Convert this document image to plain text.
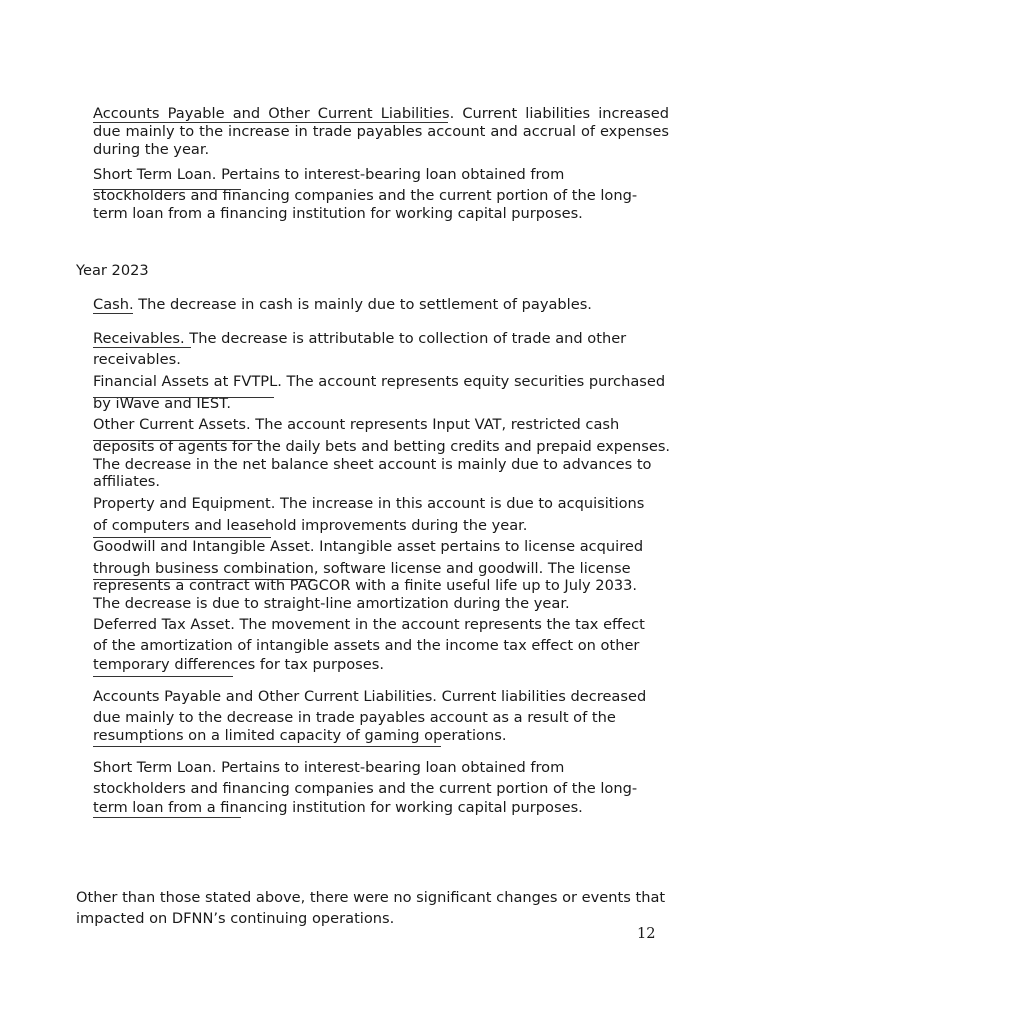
Accounts Payable and Other Current Liabilities. Current liabilities increased due mainly to the increase in trade payables account and accrual of expenses during the year.
Short Term Loan. Pertains to interest-bearing loan obtained from
stockholders and financing companies and the current portion of the long-
term loan from a financing institution for working capital purposes.
Year 2023
Cash. The decrease in cash is mainly due to settlement of payables.
Receivables. The decrease is attributable to collection of trade and other
receivables.
Financial Assets at FVTPL. The account represents equity securities purchased
by iWave and IEST.
Other Current Assets. The account represents Input VAT, restricted cash
deposits of agents for the daily bets and betting credits and prepaid expenses.
The decrease in the net balance sheet account is mainly due to advances to
affiliates.
Property and Equipment. The increase in this account is due to acquisitions
of computers and leasehold improvements during the year.
Goodwill and Intangible Asset. Intangible asset pertains to license acquired
through business combination, software license and goodwill. The license
represents a contract with PAGCOR with a finite useful life up to July 2033.
The decrease is due to straight-line amortization during the year.
Deferred Tax Asset. The movement in the account represents the tax effect
of the amortization of intangible assets and the income tax effect on other
temporary differences for tax purposes.
Accounts Payable and Other Current Liabilities. Current liabilities decreased
due mainly to the decrease in trade payables account as a result of the
resumptions on a limited capacity of gaming operations.
Short Term Loan. Pertains to interest-bearing loan obtained from
stockholders and financing companies and the current portion of the long-
term loan from a financing institution for working capital purposes.
Other than those stated above, there were no significant changes or events that
impacted on DFNN’s continuing operations.
12
